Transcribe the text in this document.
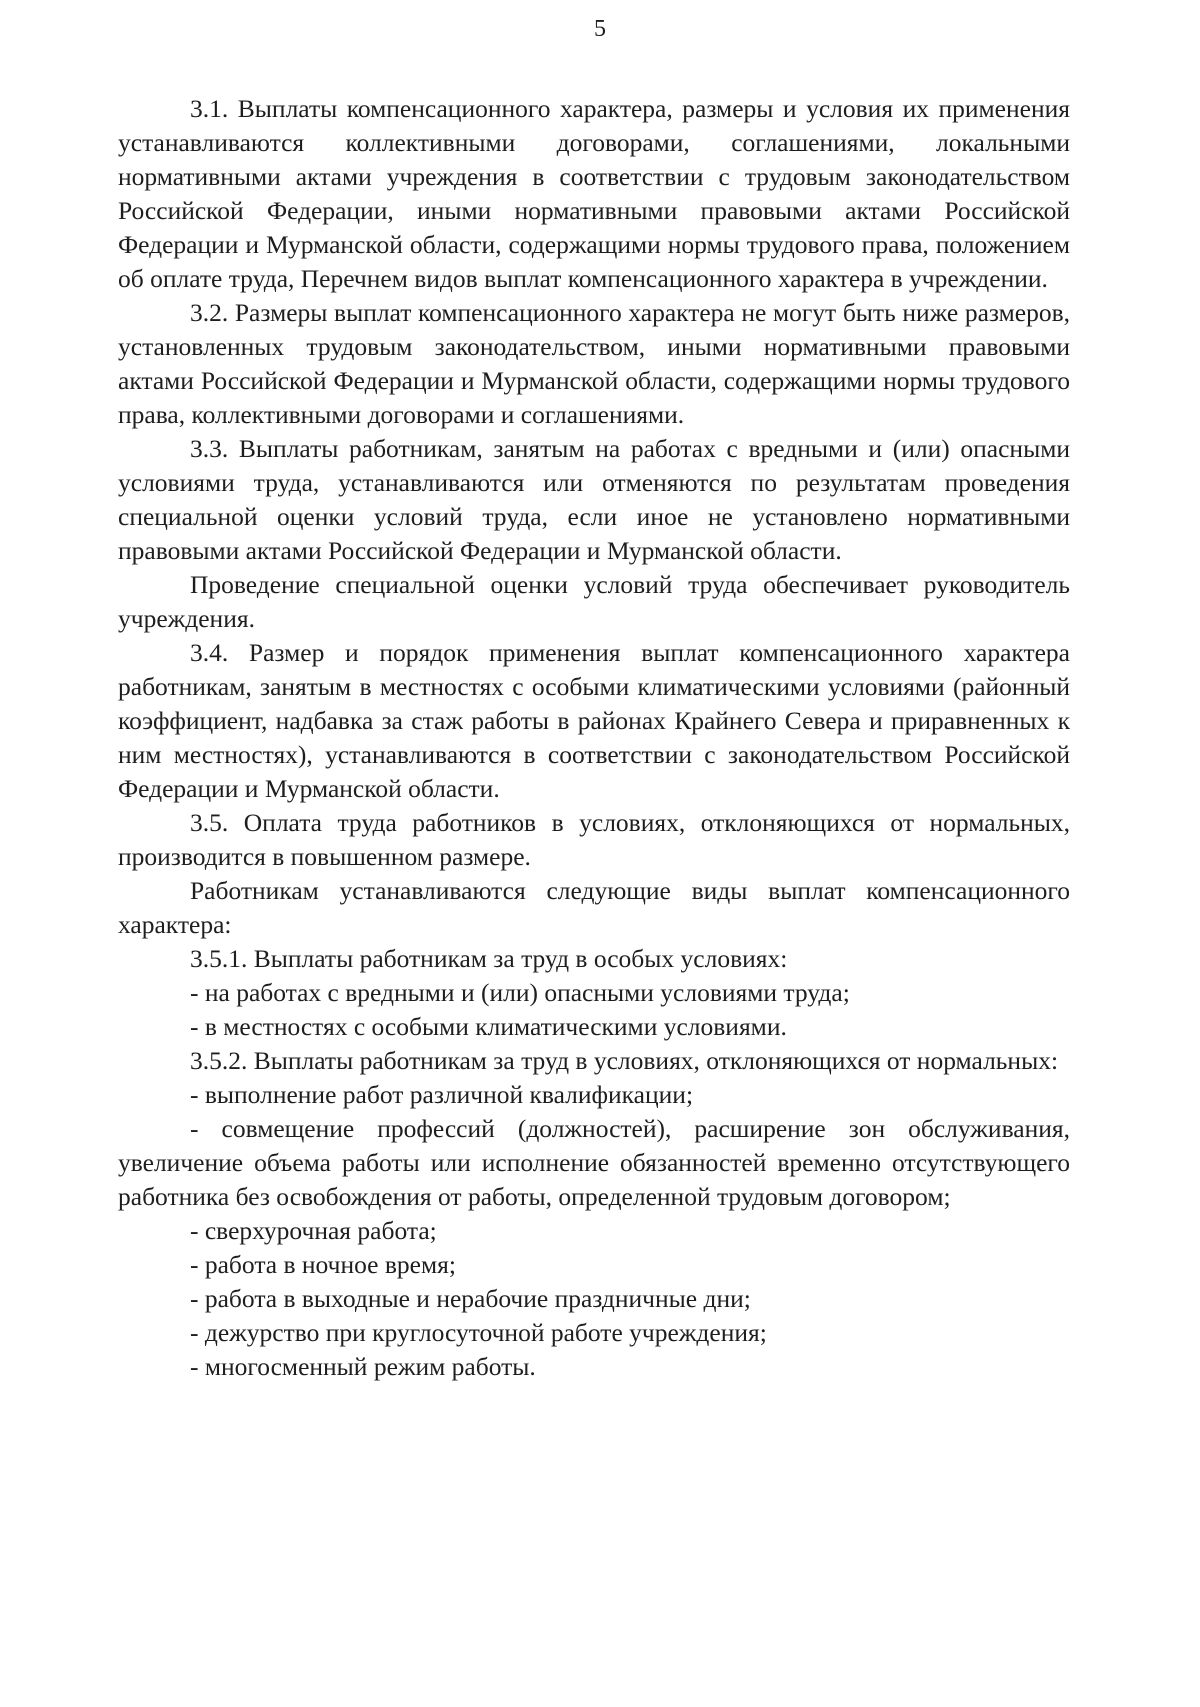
5

3.1. Выплаты компенсационного характера, размеры и условия их применения устанавливаются коллективными договорами, соглашениями, локальными нормативными актами учреждения в соответствии с трудовым законодательством Российской Федерации, иными нормативными правовыми актами Российской Федерации и Мурманской области, содержащими нормы трудового права, положением об оплате труда, Перечнем видов выплат компенсационного характера в учреждении.

3.2. Размеры выплат компенсационного характера не могут быть ниже размеров, установленных трудовым законодательством, иными нормативными правовыми актами Российской Федерации и Мурманской области, содержащими нормы трудового права, коллективными договорами и соглашениями.

3.3. Выплаты работникам, занятым на работах с вредными и (или) опасными условиями труда, устанавливаются или отменяются по результатам проведения специальной оценки условий труда, если иное не установлено нормативными правовыми актами Российской Федерации и Мурманской области.

Проведение специальной оценки условий труда обеспечивает руководитель учреждения.

3.4. Размер и порядок применения выплат компенсационного характера работникам, занятым в местностях с особыми климатическими условиями (районный коэффициент, надбавка за стаж работы в районах Крайнего Севера и приравненных к ним местностях), устанавливаются в соответствии с законодательством Российской Федерации и Мурманской области.

3.5. Оплата труда работников в условиях, отклоняющихся от нормальных, производится в повышенном размере.

Работникам устанавливаются следующие виды выплат компенсационного характера:

3.5.1. Выплаты работникам за труд в особых условиях:

- на работах с вредными и (или) опасными условиями труда;

- в местностях с особыми климатическими условиями.

3.5.2. Выплаты работникам за труд в условиях, отклоняющихся от нормальных:

- выполнение работ различной квалификации;

- совмещение профессий (должностей), расширение зон обслуживания, увеличение объема работы или исполнение обязанностей временно отсутствующего работника без освобождения от работы, определенной трудовым договором;

- сверхурочная работа;

- работа в ночное время;

- работа в выходные и нерабочие праздничные дни;

- дежурство при круглосуточной работе учреждения;

- многосменный режим работы.
